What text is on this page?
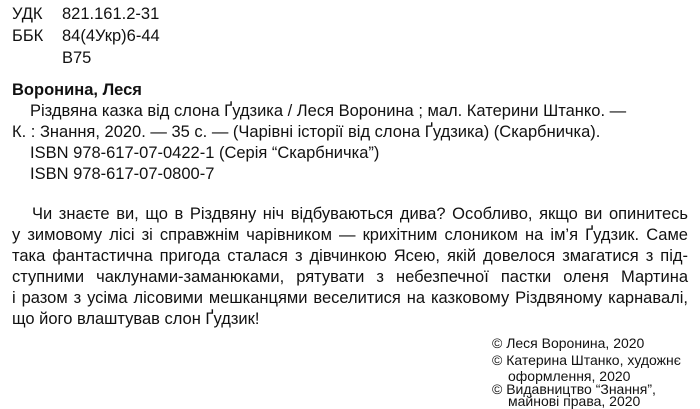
УДК 821.161.2-31
ББК 84(4Укр)6-44
В75
Воронина, Леся
Різдвяна казка від слона Ґудзика / Леся Воронина ; мал. Катерини Штанко. —
К. : Знання, 2020. — 35 с. — (Чарівні історії від слона Ґудзика) (Скарбничка).
ISBN 978-617-07-0422-1 (Серія “Скарбничка”)
ISBN 978-617-07-0800-7
Чи знаєте ви, що в Різдвяну ніч відбуваються дива? Особливо, якщо ви опинитесь
у зимовому лісі зі справжнім чарівником — крихітним слоником на ім’я Ґудзик. Саме
така фантастична пригода сталася з дівчинкою Ясею, якій довелося змагатися з під-
ступними чаклунами-заманюками, рятувати з небезпечної пастки оленя Мартина
і разом з усіма лісовими мешканцями веселитися на казковому Різдвяному карнавалі,
що його влаштував слон Ґудзик!
© Леся Воронина, 2020
© Катерина Штанко, художнє
оформлення, 2020
© Видавництво “Знання”,
майнові права, 2020
